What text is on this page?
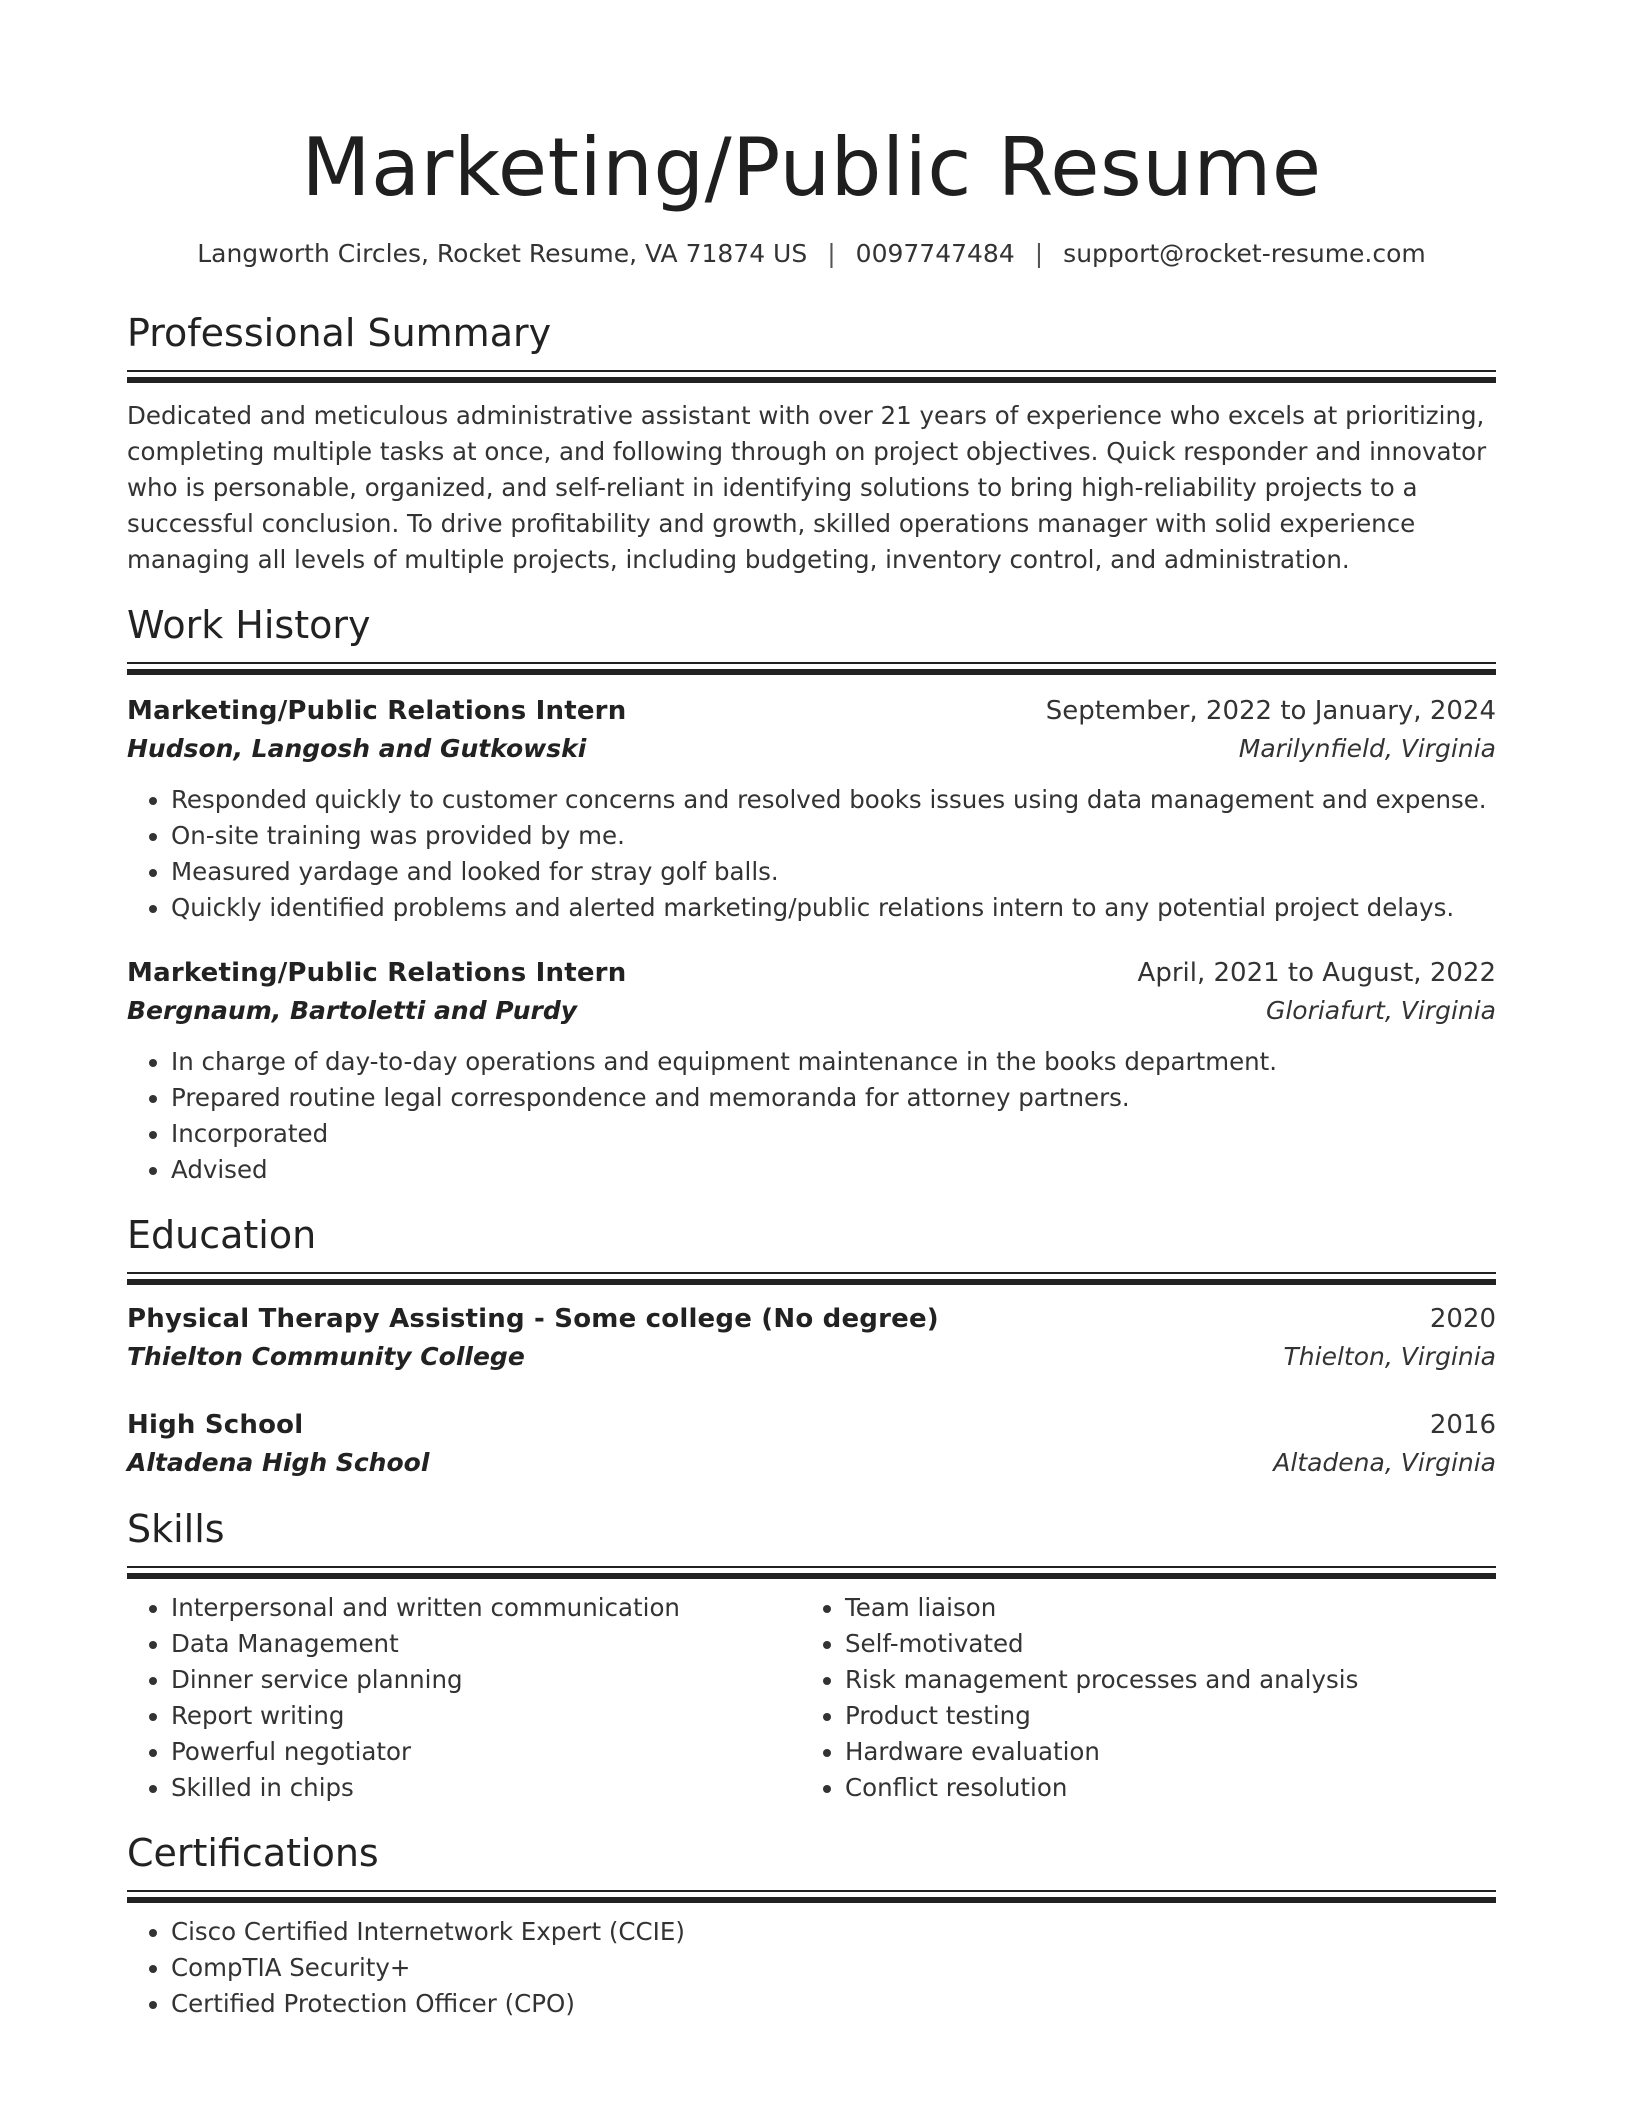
Marketing/Public Resume
Langworth Circles, Rocket Resume, VA 71874 US | 0097747484 | support@rocket-resume.com
Professional Summary
Dedicated and meticulous administrative assistant with over 21 years of experience who excels at prioritizing, completing multiple tasks at once, and following through on project objectives. Quick responder and innovator who is personable, organized, and self-reliant in identifying solutions to bring high-reliability projects to a successful conclusion. To drive profitability and growth, skilled operations manager with solid experience managing all levels of multiple projects, including budgeting, inventory control, and administration.
Work History
Marketing/Public Relations Intern	September, 2022 to January, 2024
Hudson, Langosh and Gutkowski	Marilynfield, Virginia
• Responded quickly to customer concerns and resolved books issues using data management and expense.
• On-site training was provided by me.
• Measured yardage and looked for stray golf balls.
• Quickly identified problems and alerted marketing/public relations intern to any potential project delays.
Marketing/Public Relations Intern	April, 2021 to August, 2022
Bergnaum, Bartoletti and Purdy	Gloriafurt, Virginia
• In charge of day-to-day operations and equipment maintenance in the books department.
• Prepared routine legal correspondence and memoranda for attorney partners.
• Incorporated
• Advised
Education
Physical Therapy Assisting - Some college (No degree)	2020
Thielton Community College	Thielton, Virginia
High School	2016
Altadena High School	Altadena, Virginia
Skills
• Interpersonal and written communication
• Data Management
• Dinner service planning
• Report writing
• Powerful negotiator
• Skilled in chips
• Team liaison
• Self-motivated
• Risk management processes and analysis
• Product testing
• Hardware evaluation
• Conflict resolution
Certifications
• Cisco Certified Internetwork Expert (CCIE)
• CompTIA Security+
• Certified Protection Officer (CPO)
